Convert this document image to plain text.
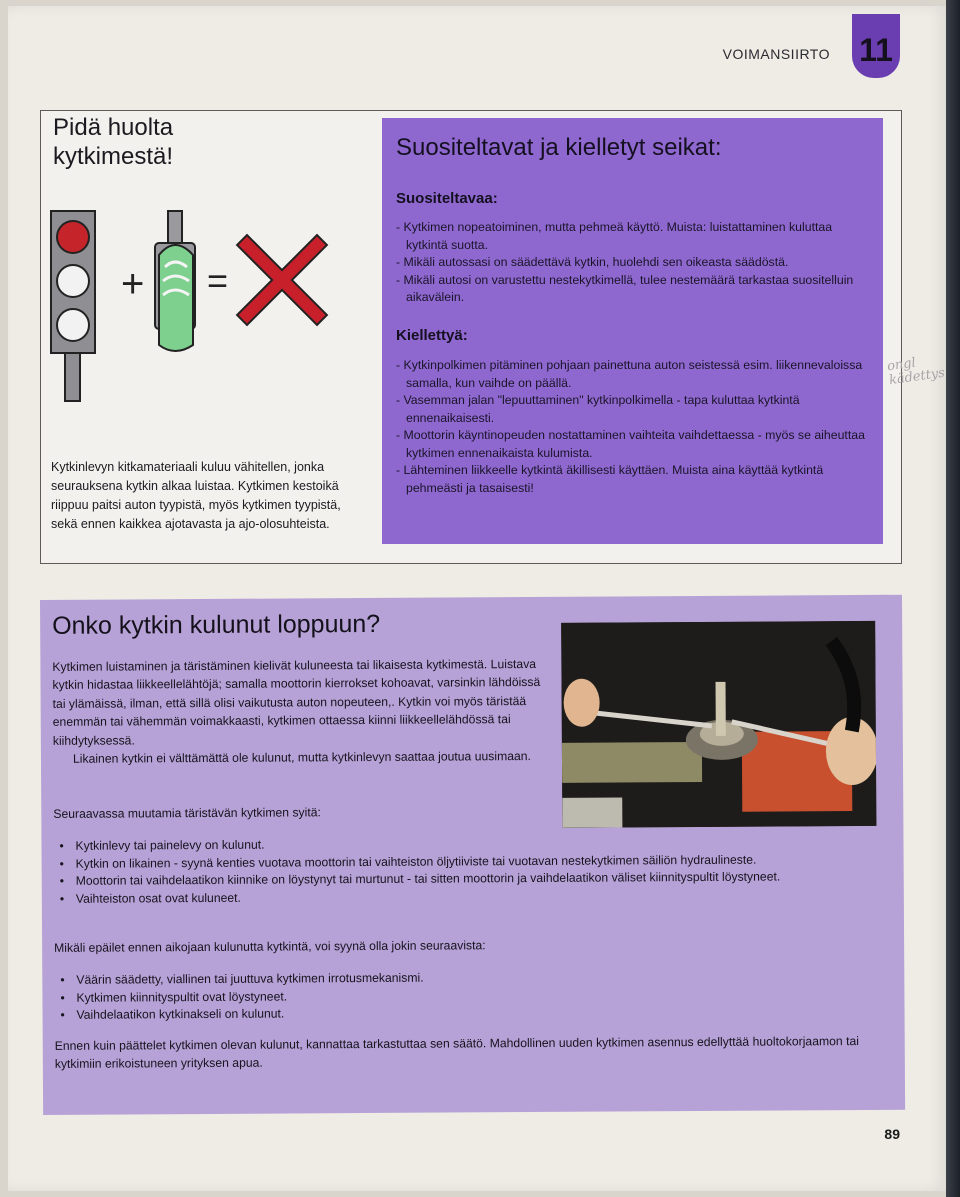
VOIMANSIIRTO 11
Pidä huolta
kytkimestä!
+ =
Kytkinlevyn kitkamateriaali kuluu vähitellen, jonka seurauksena kytkin alkaa luistaa. Kytkimen kestoikä riippuu paitsi auton tyypistä, myös kytkimen tyypistä, sekä ennen kaikkea ajotavasta ja ajo-olosuhteista.
Suositeltavat ja kielletyt seikat:
Suositeltavaa:
- Kytkimen nopeatoiminen, mutta pehmeä käyttö. Muista: luistattaminen kuluttaa kytkintä suotta.
- Mikäli autossasi on säädettävä kytkin, huolehdi sen oikeasta säädöstä.
- Mikäli autosi on varustettu nestekytkimellä, tulee nestemäärä tarkastaa suositelluin aikavälein.
Kiellettyä:
- Kytkinpolkimen pitäminen pohjaan painettuna auton seistessä esim. liikennevaloissa samalla, kun vaihde on päällä.
- Vasemman jalan "lepuuttaminen" kytkinpolkimella - tapa kuluttaa kytkintä ennenaikaisesti.
- Moottorin käyntinopeuden nostattaminen vaihteita vaihdettaessa - myös se aiheuttaa kytkimen ennenaikaista kulumista.
- Lähteminen liikkeelle kytkintä äkillisesti käyttäen. Muista aina käyttää kytkintä pehmeästi ja tasaisesti!
ongl kädettys
Onko kytkin kulunut loppuun?

Kytkimen luistaminen ja täristäminen kielivät kuluneesta tai likaisesta kytkimestä. Luistava kytkin hidastaa liikkeellelähtöjä; samalla moottorin kierrokset kohoavat, varsinkin lähdöissä tai ylämäissä, ilman, että sillä olisi vaikutusta auton nopeuteen,. Kytkin voi myös täristää enemmän tai vähemmän voimakkaasti, kytkimen ottaessa kiinni liikkeellelähdössä tai kiihdytyksessä.

Likainen kytkin ei välttämättä ole kulunut, mutta kytkinlevyn saattaa joutua uusimaan.

Seuraavassa muutamia täristävän kytkimen syitä:

• Kytkinlevy tai painelevy on kulunut.
• Kytkin on likainen - syynä kenties vuotava moottorin tai vaihteiston öljytiiviste tai vuotavan nestekytkimen säiliön hydraulineste.
• Moottorin tai vaihdelaatikon kiinnike on löystynyt tai murtunut - tai sitten moottorin ja vaihdelaatikon väliset kiinnityspultit löystyneet.
• Vaihteiston osat ovat kuluneet.

Mikäli epäilet ennen aikojaan kulunutta kytkintä, voi syynä olla jokin seuraavista:

• Väärin säädetty, viallinen tai juuttuva kytkimen irrotusmekanismi.
• Kytkimen kiinnityspultit ovat löystyneet.
• Vaihdelaatikon kytkinakseli on kulunut.

Ennen kuin päättelet kytkimen olevan kulunut, kannattaa tarkastuttaa sen säätö. Mahdollinen uuden kytkimen asennus edellyttää huoltokorjaamon tai kytkimiin erikoistuneen yrityksen apua.

89
